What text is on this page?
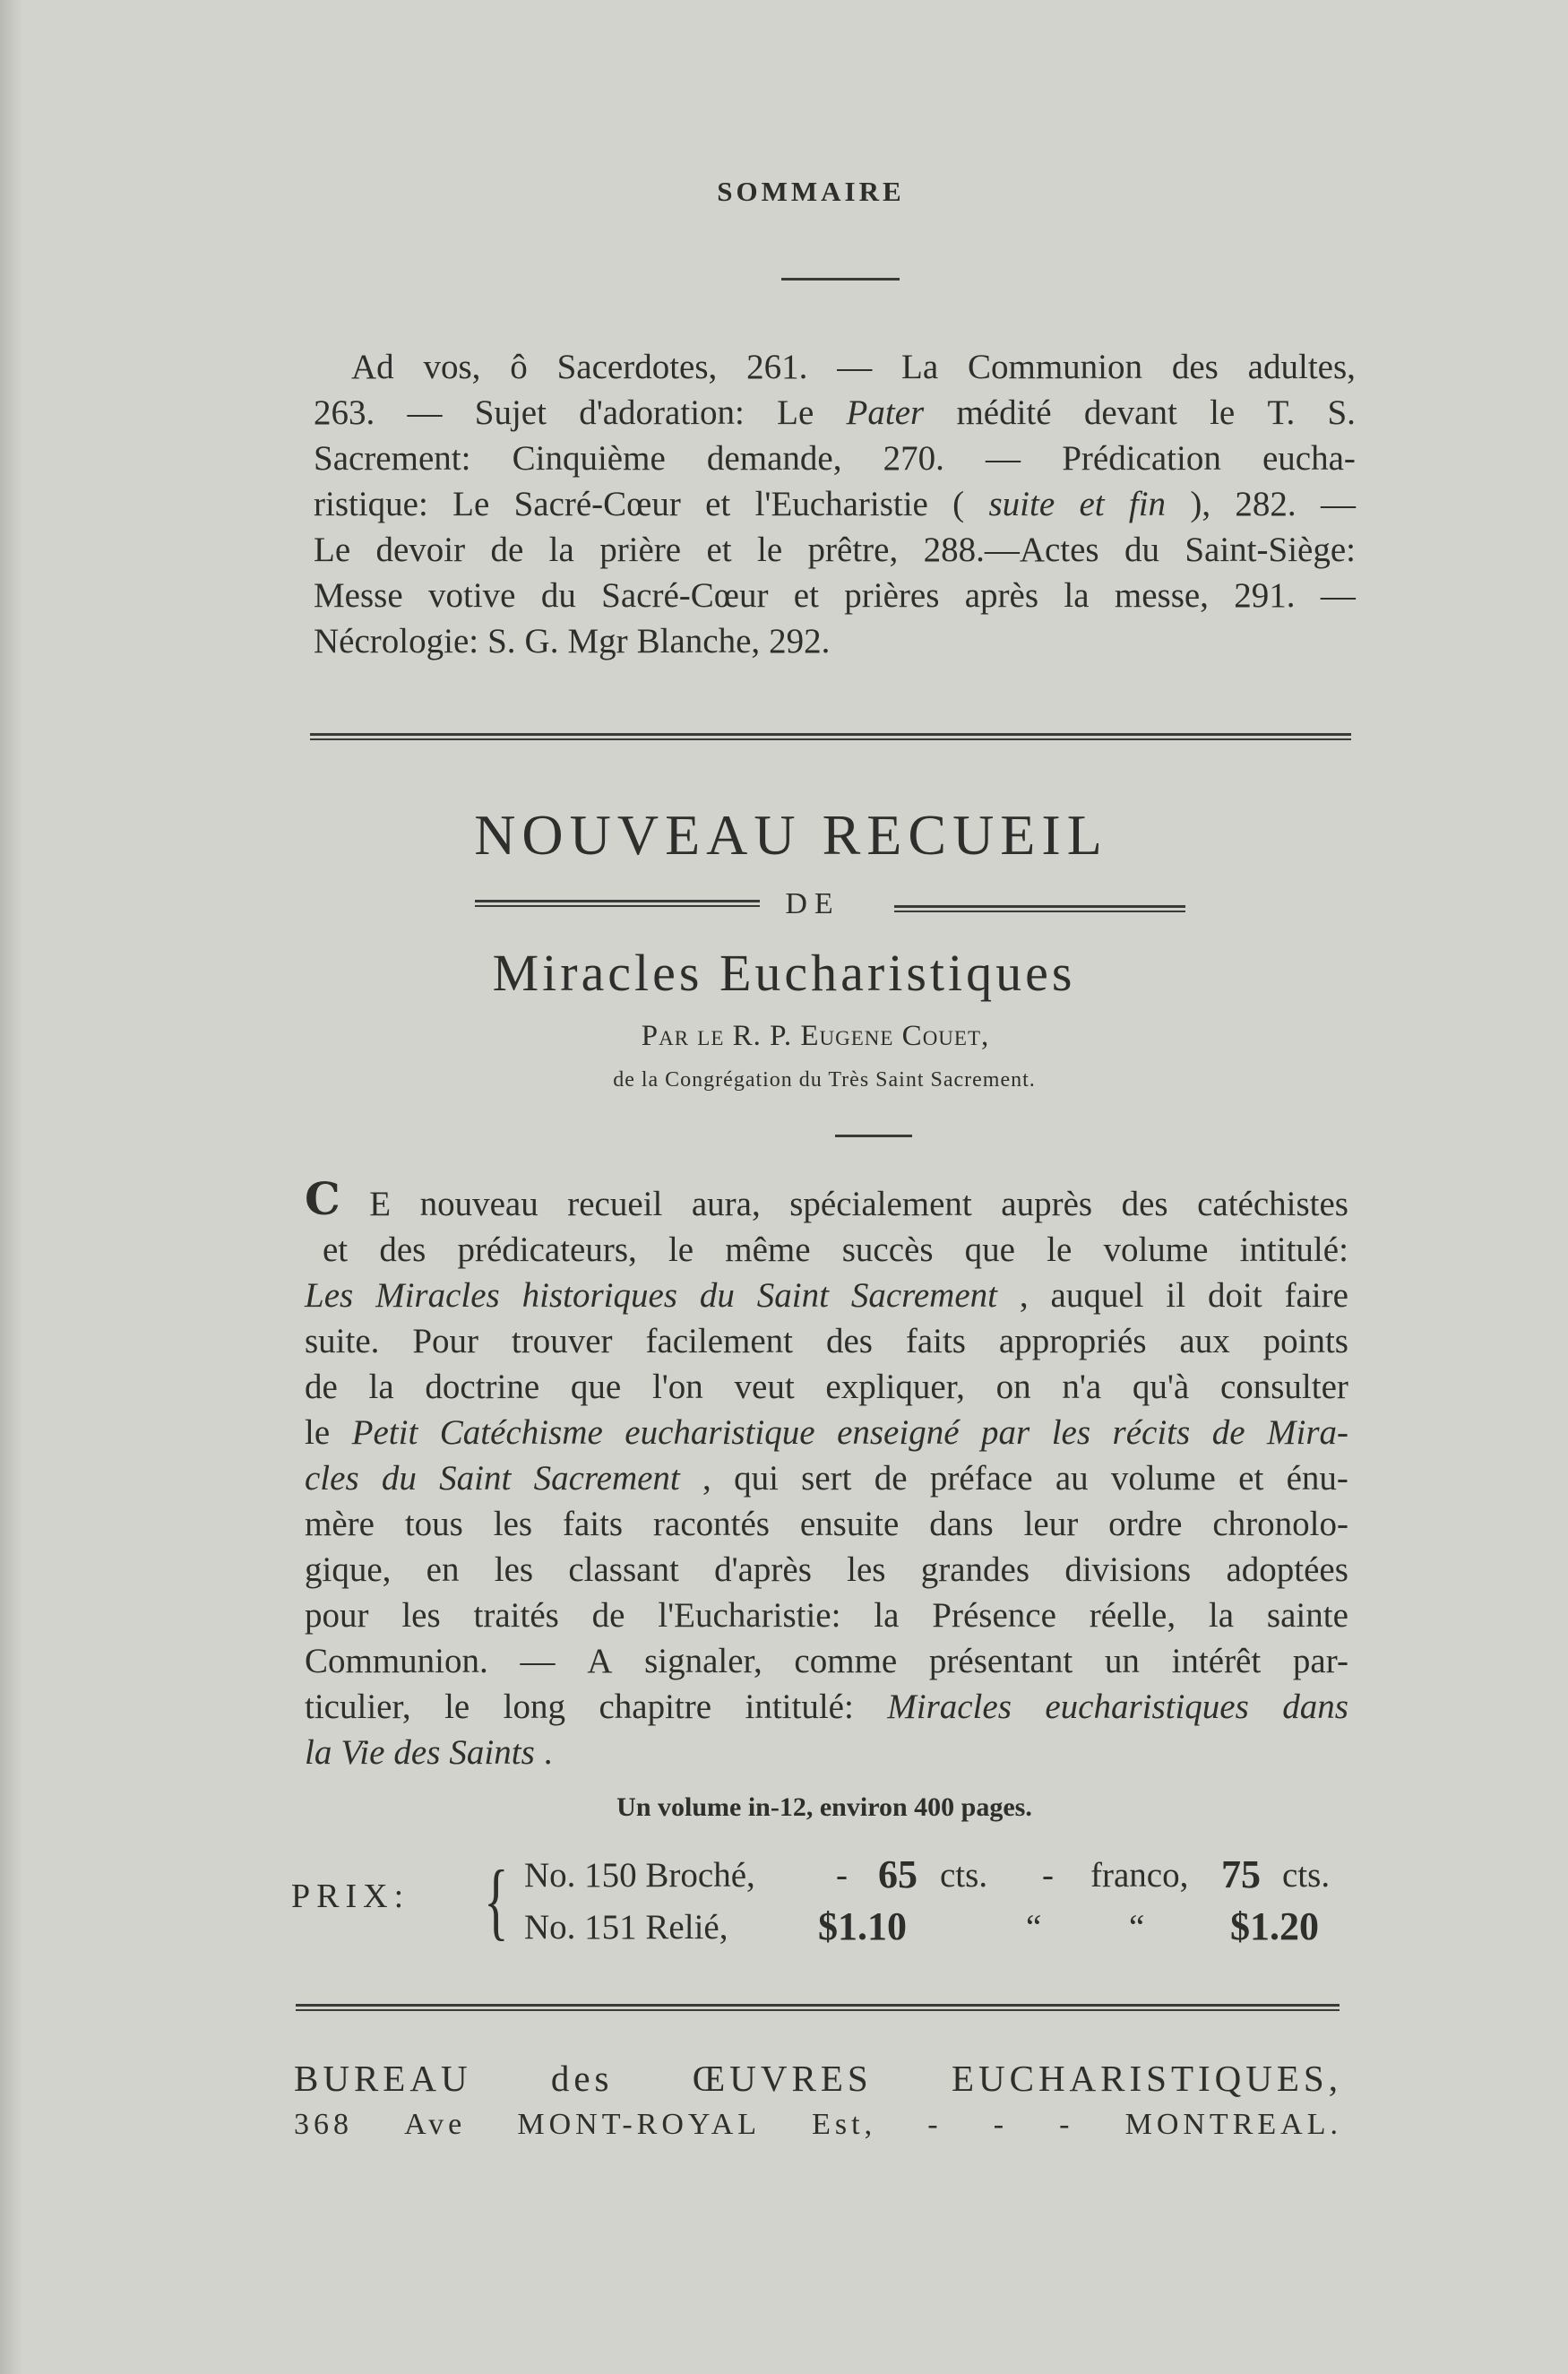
SOMMAIRE
Ad vos, ô Sacerdotes, 261. — La Communion des adultes,
263. — Sujet d'adoration: Le Pater médité devant le T. S.
Sacrement: Cinquième demande, 270. — Prédication eucha-
ristique: Le Sacré-Cœur et l'Eucharistie ( suite et fin ), 282. —
Le devoir de la prière et le prêtre, 288.—Actes du Saint-Siège:
Messe votive du Sacré-Cœur et prières après la messe, 291. —
Nécrologie: S. G. Mgr Blanche, 292.
NOUVEAU RECUEIL
DE
Miracles Eucharistiques
Par le R. P. Eugene Couet,
de la Congrégation du Très Saint Sacrement.
C E nouveau recueil aura, spécialement auprès des catéchistes
et des prédicateurs, le même succès que le volume intitulé:
Les Miracles historiques du Saint Sacrement , auquel il doit faire
suite. Pour trouver facilement des faits appropriés aux points
de la doctrine que l'on veut expliquer, on n'a qu'à consulter
le Petit Catéchisme eucharistique enseigné par les récits de Mira-
cles du Saint Sacrement , qui sert de préface au volume et énu-
mère tous les faits racontés ensuite dans leur ordre chronolo-
gique, en les classant d'après les grandes divisions adoptées
pour les traités de l'Eucharistie: la Présence réelle, la sainte
Communion. — A signaler, comme présentant un intérêt par-
ticulier, le long chapitre intitulé: Miracles eucharistiques dans
la Vie des Saints .
Un volume in-12, environ 400 pages.
PRIX: { No. 150 Broché, - 65 cts. - franco, 75 cts.
No. 151 Relié, $1.10	“	“ $1.20
BUREAU des ŒUVRES EUCHARISTIQUES,
368 Ave MONT-ROYAL Est, - - - MONTREAL.
